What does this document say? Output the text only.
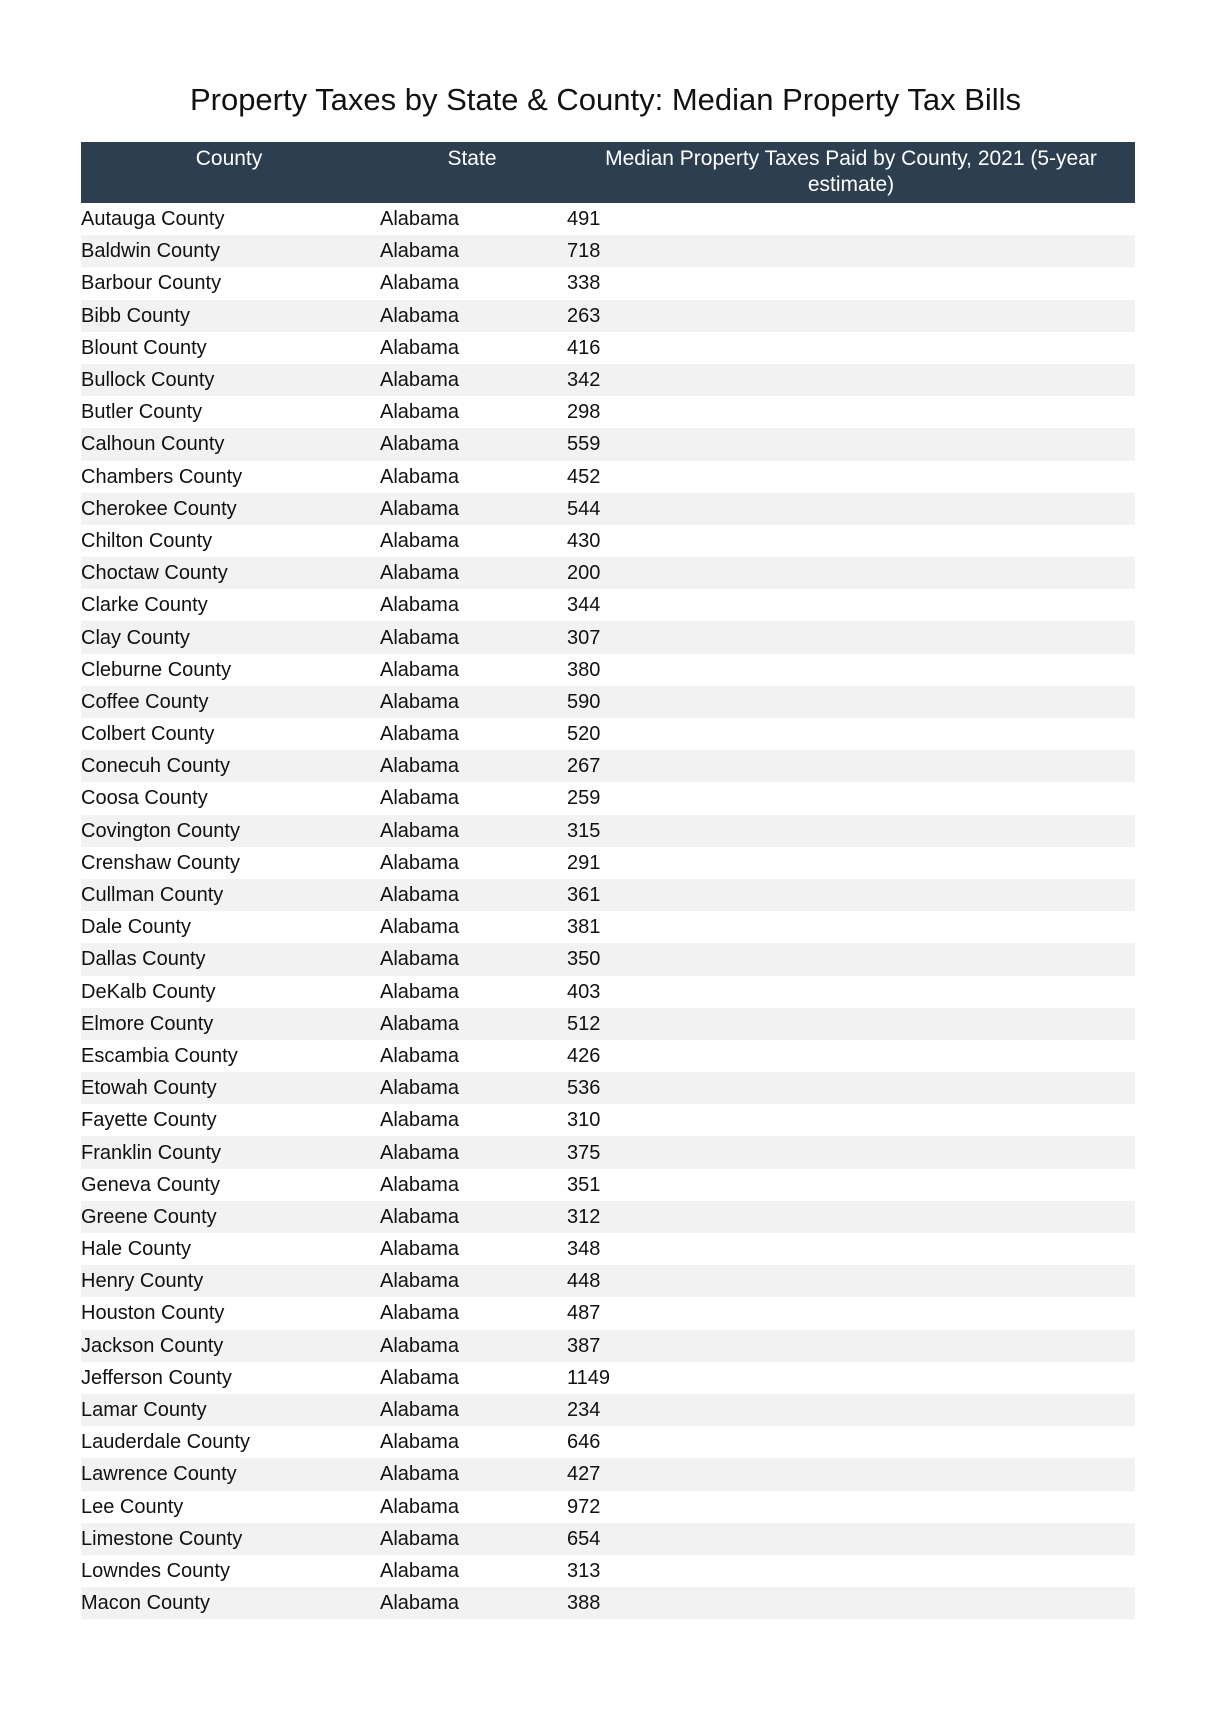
Property Taxes by State & County: Median Property Tax Bills
County	State	Median Property Taxes Paid by County, 2021 (5-year estimate)
Autauga County	Alabama	491
Baldwin County	Alabama	718
Barbour County	Alabama	338
Bibb County	Alabama	263
Blount County	Alabama	416
Bullock County	Alabama	342
Butler County	Alabama	298
Calhoun County	Alabama	559
Chambers County	Alabama	452
Cherokee County	Alabama	544
Chilton County	Alabama	430
Choctaw County	Alabama	200
Clarke County	Alabama	344
Clay County	Alabama	307
Cleburne County	Alabama	380
Coffee County	Alabama	590
Colbert County	Alabama	520
Conecuh County	Alabama	267
Coosa County	Alabama	259
Covington County	Alabama	315
Crenshaw County	Alabama	291
Cullman County	Alabama	361
Dale County	Alabama	381
Dallas County	Alabama	350
DeKalb County	Alabama	403
Elmore County	Alabama	512
Escambia County	Alabama	426
Etowah County	Alabama	536
Fayette County	Alabama	310
Franklin County	Alabama	375
Geneva County	Alabama	351
Greene County	Alabama	312
Hale County	Alabama	348
Henry County	Alabama	448
Houston County	Alabama	487
Jackson County	Alabama	387
Jefferson County	Alabama	1149
Lamar County	Alabama	234
Lauderdale County	Alabama	646
Lawrence County	Alabama	427
Lee County	Alabama	972
Limestone County	Alabama	654
Lowndes County	Alabama	313
Macon County	Alabama	388
